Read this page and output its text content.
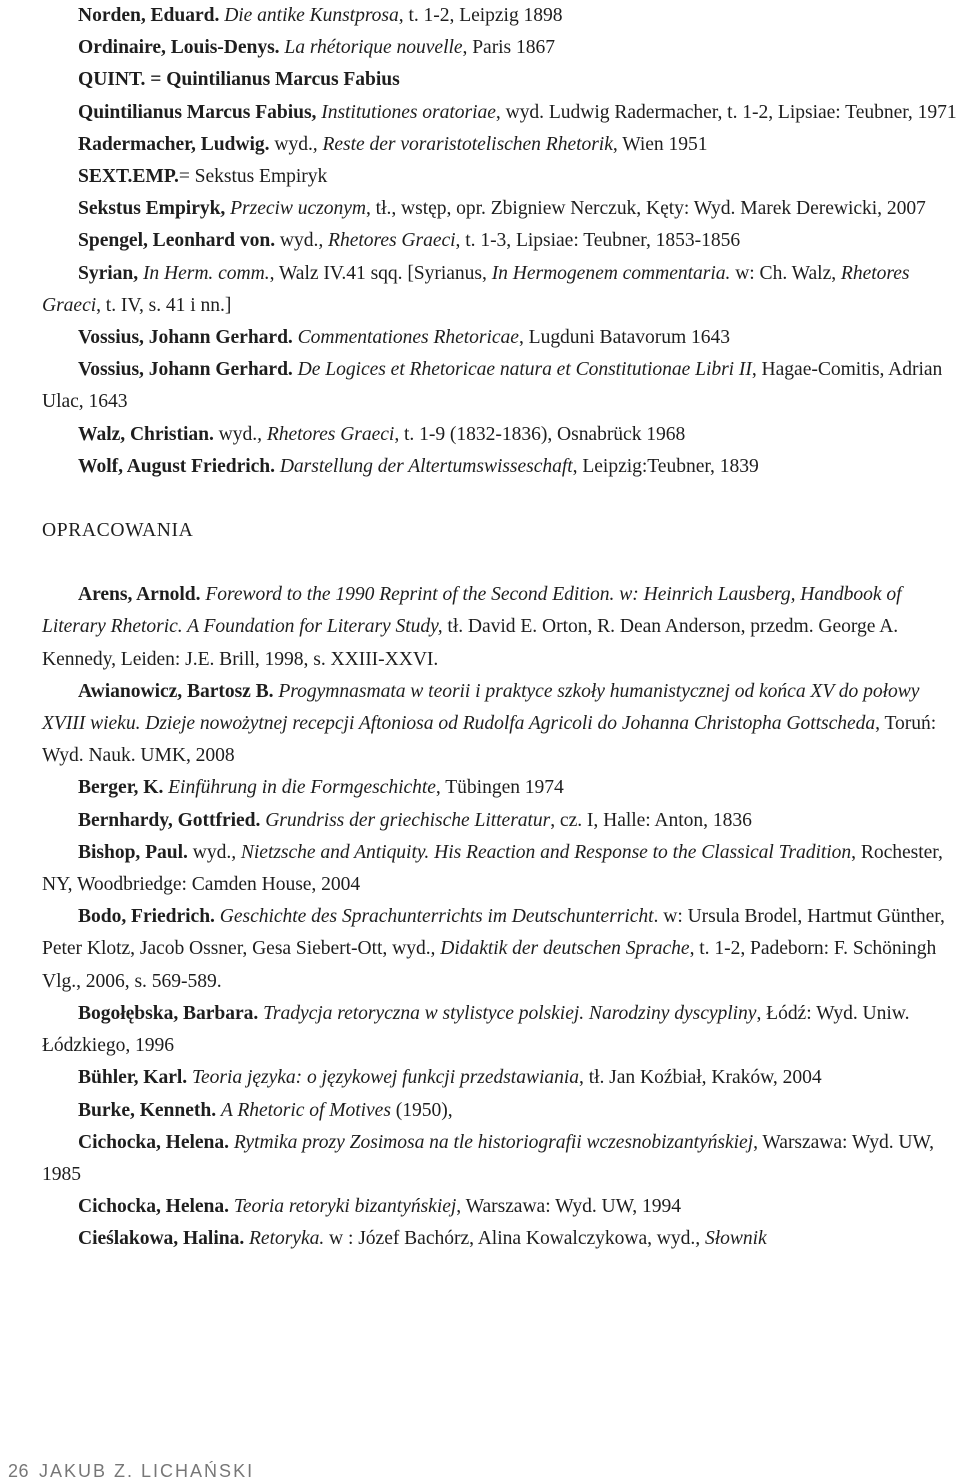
Norden, Eduard. Die antike Kunstprosa, t. 1-2, Leipzig 1898

Ordinaire, Louis-Denys. La rhétorique nouvelle, Paris 1867

QUINT. = Quintilianus Marcus Fabius

Quintilianus Marcus Fabius, Institutiones oratoriae, wyd. Ludwig Radermacher, t. 1-2, Lipsiae: Teubner, 1971

Radermacher, Ludwig. wyd., Reste der voraristotelischen Rhetorik, Wien 1951

SEXT.EMP.= Sekstus Empiryk

Sekstus Empiryk, Przeciw uczonym, tł., wstęp, opr. Zbigniew Nerczuk, Kęty: Wyd. Marek Derewicki, 2007

Spengel, Leonhard von. wyd., Rhetores Graeci, t. 1-3, Lipsiae: Teubner, 1853-1856

Syrian, In Herm. comm., Walz IV.41 sqq. [Syrianus, In Hermogenem commentaria. w: Ch. Walz, Rhetores Graeci, t. IV, s. 41 i nn.]

Vossius, Johann Gerhard. Commentationes Rhetoricae, Lugduni Batavorum 1643

Vossius, Johann Gerhard. De Logices et Rhetoricae natura et Constitutionae Libri II, Hagae-Comitis, Adrian Ulac, 1643

Walz, Christian. wyd., Rhetores Graeci, t. 1-9 (1832-1836), Osnabrück 1968

Wolf, August Friedrich. Darstellung der Altertumswisseschaft, Leipzig:Teubner, 1839

OPRACOWANIA

Arens, Arnold. Foreword to the 1990 Reprint of the Second Edition. w: Heinrich Lausberg, Handbook of Literary Rhetoric. A Foundation for Literary Study, tł. David E. Orton, R. Dean Anderson, przedm. George A. Kennedy, Leiden: J.E. Brill, 1998, s. XXIII-XXVI.

Awianowicz, Bartosz B. Progymnasmata w teorii i praktyce szkoły humanistycznej od końca XV do połowy XVIII wieku. Dzieje nowożytnej recepcji Aftoniosa od Rudolfa Agricoli do Johanna Christopha Gottscheda, Toruń: Wyd. Nauk. UMK, 2008

Berger, K. Einführung in die Formgeschichte, Tübingen 1974

Bernhardy, Gottfried. Grundriss der griechische Litteratur, cz. I, Halle: Anton, 1836

Bishop, Paul. wyd., Nietzsche and Antiquity. His Reaction and Response to the Classical Tradition, Rochester, NY, Woodbriedge: Camden House, 2004

Bodo, Friedrich. Geschichte des Sprachunterrichts im Deutschunterricht. w: Ursula Brodel, Hartmut Günther, Peter Klotz, Jacob Ossner, Gesa Siebert-Ott, wyd., Didaktik der deutschen Sprache, t. 1-2, Padeborn: F. Schöningh Vlg., 2006, s. 569-589.

Bogołębska, Barbara. Tradycja retoryczna w stylistyce polskiej. Narodziny dyscypliny, Łódź: Wyd. Uniw. Łódzkiego, 1996

Bühler, Karl. Teoria języka: o językowej funkcji przedstawiania, tł. Jan Koźbiał, Kraków, 2004

Burke, Kenneth. A Rhetoric of Motives (1950),

Cichocka, Helena. Rytmika prozy Zosimosa na tle historiografii wczesnobizantyńskiej, Warszawa: Wyd. UW, 1985

Cichocka, Helena. Teoria retoryki bizantyńskiej, Warszawa: Wyd. UW, 1994

Cieślakowa, Halina. Retoryka. w : Józef Bachórz, Alina Kowalczykowa, wyd., Słownik

26 JAKUB Z. LICHAŃSKI
